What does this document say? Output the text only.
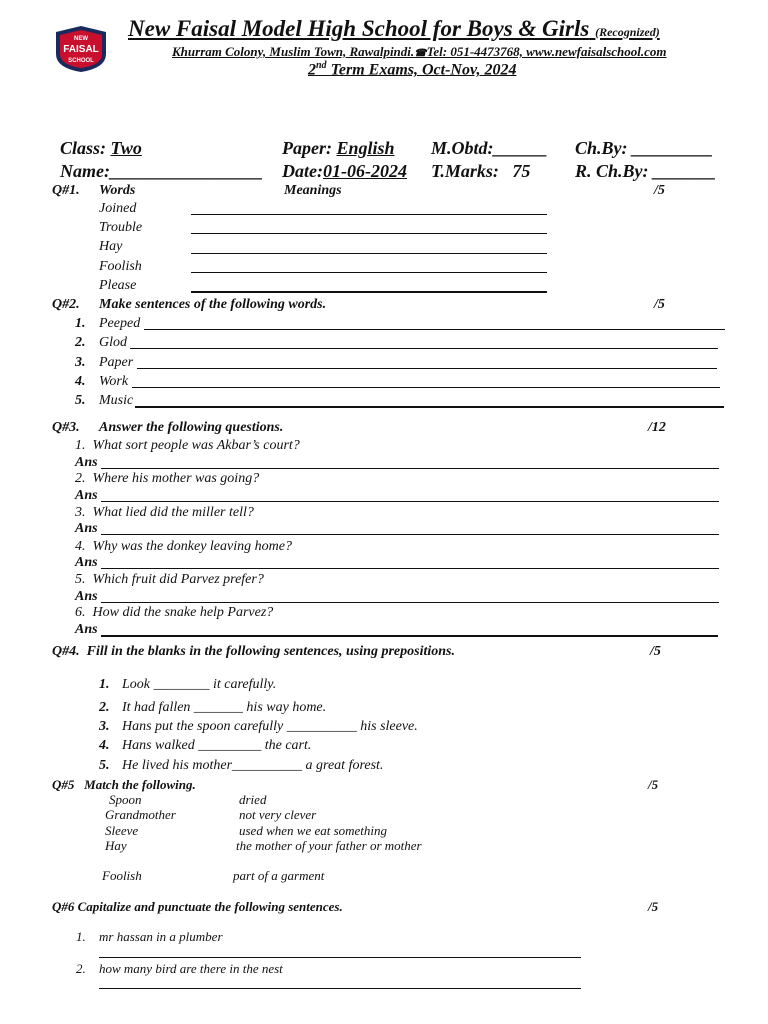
NEW
FAISAL
SCHOOL
New Faisal Model High School for Boys & Girls (Recognized)
Khurram Colony, Muslim Town, Rawalpindi.☎Tel: 051-4473768, www.newfaisalschool.com
2nd Term Exams, Oct-Nov, 2024
Class: Two	Paper: English M.Obtd:______ Ch.By: _________
Name:_________________ Date:01-06-2024 T.Marks: 75 R. Ch.By: _______
Q#1. Words	Meanings	/5
Joined
Trouble
Hay
Foolish
Please
Q#2. Make sentences of the following words.	/5
1. Peeped
2. Glod
3. Paper
4. Work
5. Music
Q#3. Answer the following questions.	/12
1. What sort people was Akbar’s court?
Ans
2. Where his mother was going?
Ans
3. What lied did the miller tell?
Ans
4. Why was the donkey leaving home?
Ans
5. Which fruit did Parvez prefer?
Ans
6. How did the snake help Parvez?
Ans
Q#4. Fill in the blanks in the following sentences, using prepositions.	/5
1. Look ________ it carefully.
2. It had fallen _______ his way home.
3. Hans put the spoon carefully __________ his sleeve.
4. Hans walked _________ the cart.
5. He lived his mother__________ a great forest.
Q#5 Match the following.	/5
Spoon	dried
Grandmother	not very clever
Sleeve	used when we eat something
Hay	the mother of your father or mother
Foolish	part of a garment
Q#6 Capitalize and punctuate the following sentences.	/5
1. mr hassan in a plumber
2. how many bird are there in the nest
